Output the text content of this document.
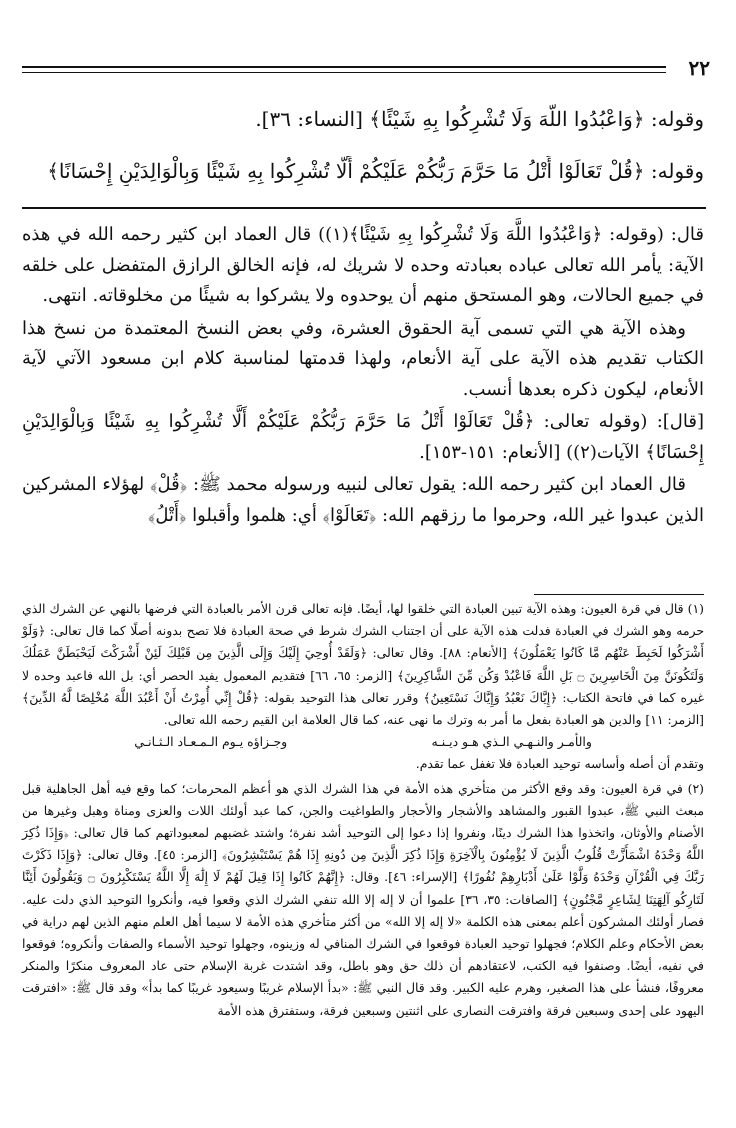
٢٢
وقوله: ﴿وَاعْبُدُوا اللَّهَ وَلَا تُشْرِكُوا بِهِ شَيْئًا﴾ [النساء: ٣٦].
وقوله: ﴿قُلْ تَعَالَوْا أَتْلُ مَا حَرَّمَ رَبُّكُمْ عَلَيْكُمْ أَلَّا تُشْرِكُوا بِهِ شَيْئًا وَبِالْوَالِدَيْنِ إِحْسَانًا﴾

قال: (وقوله: ﴿وَاعْبُدُوا اللَّهَ وَلَا تُشْرِكُوا بِهِ شَيْئًا﴾(١)) قال العماد ابن كثير رحمه الله في هذه الآية: يأمر الله تعالى عباده بعبادته وحده لا شريك له، فإنه الخالق الرازق المتفضل على خلقه في جميع الحالات، وهو المستحق منهم أن يوحدوه ولا يشركوا به شيئًا من مخلوقاته. انتهى.

وهذه الآية هي التي تسمى آية الحقوق العشرة، وفي بعض النسخ المعتمدة من نسخ هذا الكتاب تقديم هذه الآية على آية الأنعام، ولهذا قدمتها لمناسبة كلام ابن مسعود الآتي لآية الأنعام، ليكون ذكره بعدها أنسب.

[قال]: (وقوله تعالى: ﴿قُلْ تَعَالَوْا أَتْلُ مَا حَرَّمَ رَبُّكُمْ عَلَيْكُمْ أَلَّا تُشْرِكُوا بِهِ شَيْئًا وَبِالْوَالِدَيْنِ إِحْسَانًا﴾ الآيات(٢)) [الأنعام: ١٥١-١٥٣].

قال العماد ابن كثير رحمه الله: يقول تعالى لنبيه ورسوله محمد ﷺ: ﴿قُلْ﴾ لهؤلاء المشركين الذين عبدوا غير الله، وحرموا ما رزقهم الله: ﴿تَعَالَوْا﴾ أي: هلموا وأقبلوا ﴿أَتْلُ﴾

(١) قال في قرة العيون: وهذه الآية تبين العبادة التي خلقوا لها، أيضًا. فإنه تعالى قرن الأمر بالعبادة التي فرضها بالنهي عن الشرك الذي حرمه وهو الشرك في العبادة فدلت هذه الآية على أن اجتناب الشرك شرط في صحة العبادة فلا تصح بدونه أصلًا كما قال تعالى: ﴿وَلَوْ أَشْرَكُوا لَحَبِطَ عَنْهُم مَّا كَانُوا يَعْمَلُونَ﴾ [الأنعام: ٨٨]. وقال تعالى: ﴿وَلَقَدْ أُوحِيَ إِلَيْكَ وَإِلَى الَّذِينَ مِن قَبْلِكَ لَئِنْ أَشْرَكْتَ لَيَحْبَطَنَّ عَمَلُكَ وَلَتَكُونَنَّ مِنَ الْخَاسِرِينَ ۝ بَلِ اللَّهَ فَاعْبُدْ وَكُن مِّنَ الشَّاكِرِينَ﴾ [الزمر: ٦٥، ٦٦] فتقديم المعمول يفيد الحصر أي: بل الله فاعبد وحده لا غيره كما في فاتحة الكتاب: ﴿إِيَّاكَ نَعْبُدُ وَإِيَّاكَ نَسْتَعِينُ﴾ وقرر تعالى هذا التوحيد بقوله: ﴿قُلْ إِنِّي أُمِرْتُ أَنْ أَعْبُدَ اللَّهَ مُخْلِصًا لَّهُ الدِّينَ﴾ [الزمر: ١١] والدين هو العبادة بفعل ما أمر به وترك ما نهى عنه، كما قال العلامة ابن القيم رحمه الله تعالى.

والأمـر والنـهـي الـذي هـو ديـنـه
وجـزاؤه يـوم الـمـعـاد الـثـانـي

وتقدم أن أصله وأساسه توحيد العبادة فلا تغفل عما تقدم.

(٢) في قرة العيون: وقد وقع الأكثر من متأخري هذه الأمة في هذا الشرك الذي هو أعظم المحرمات؛ كما وقع فيه أهل الجاهلية قبل مبعث النبي ﷺ، عبدوا القبور والمشاهد والأشجار والأحجار والطواغيت والجن، كما عبد أولئك اللات والعزى ومناة وهبل وغيرها من الأصنام والأوثان، واتخذوا هذا الشرك دينًا، ونفروا إذا دعوا إلى التوحيد أشد نفرة؛ واشتد غضبهم لمعبوداتهم كما قال تعالى: ﴿وَإِذَا ذُكِرَ اللَّهُ وَحْدَهُ اشْمَأَزَّتْ قُلُوبُ الَّذِينَ لَا يُؤْمِنُونَ بِالْآخِرَةِ وَإِذَا ذُكِرَ الَّذِينَ مِن دُونِهِ إِذَا هُمْ يَسْتَبْشِرُونَ﴾ [الزمر: ٤٥]. وقال تعالى: ﴿وَإِذَا ذَكَرْتَ رَبَّكَ فِي الْقُرْآنِ وَحْدَهُ وَلَّوْا عَلَىٰ أَدْبَارِهِمْ نُفُورًا﴾ [الإسراء: ٤٦]. وقال: ﴿إِنَّهُمْ كَانُوا إِذَا قِيلَ لَهُمْ لَا إِلَٰهَ إِلَّا اللَّهُ يَسْتَكْبِرُونَ ۝ وَيَقُولُونَ أَئِنَّا لَتَارِكُو آلِهَتِنَا لِشَاعِرٍ مَّجْنُونٍ﴾ [الصافات: ٣٥، ٣٦] علموا أن لا إله إلا الله تنفي الشرك الذي وقعوا فيه، وأنكروا التوحيد الذي دلت عليه. فصار أولئك المشركون أعلم بمعنى هذه الكلمة «لا إله إلا الله» من أكثر متأخري هذه الأمة لا سيما أهل العلم منهم الذين لهم دراية في بعض الأحكام وعلم الكلام؛ فجهلوا توحيد العبادة فوقعوا في الشرك المنافي له وزينوه، وجهلوا توحيد الأسماء والصفات وأنكروه؛ فوقعوا في نفيه، أيضًا. وصنفوا فيه الكتب، لاعتقادهم أن ذلك حق وهو باطل، وقد اشتدت غربة الإسلام حتى عاد المعروف منكرًا والمنكر معروفًا، فنشأ على هذا الصغير، وهرم عليه الكبير. وقد قال النبي ﷺ: «بدأ الإسلام غريبًا وسيعود غريبًا كما بدأ» وقد قال ﷺ: «افترقت اليهود على إحدى وسبعين فرقة وافترقت النصارى على اثنتين وسبعين فرقة، وستفترق هذه الأمة
